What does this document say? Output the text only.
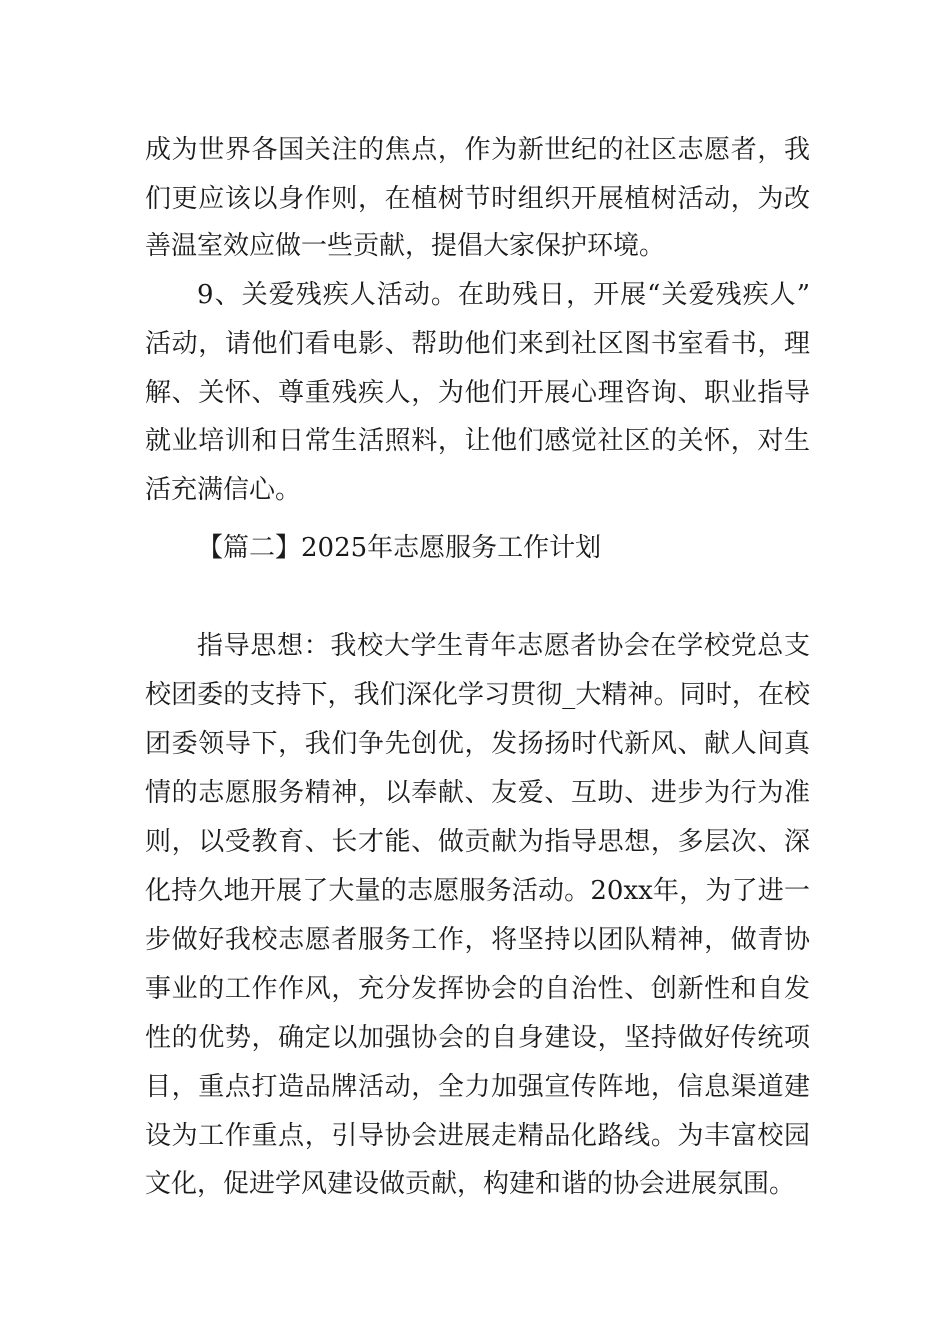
成为世界各国关注的焦点，作为新世纪的社区志愿者，我
们更应该以身作则，在植树节时组织开展植树活动，为改
善温室效应做一些贡献，提倡大家保护环境。
9、关爱残疾人活动。在助残日，开展“关爱残疾人”
活动，请他们看电影、帮助他们来到社区图书室看书，理
解、关怀、尊重残疾人，为他们开展心理咨询、职业指导
就业培训和日常生活照料，让他们感觉社区的关怀，对生
活充满信心。
【篇二】2025年志愿服务工作计划
指导思想：我校大学生青年志愿者协会在学校党总支
校团委的支持下，我们深化学习贯彻_大精神。同时，在校
团委领导下，我们争先创优，发扬扬时代新风、献人间真
情的志愿服务精神，以奉献、友爱、互助、进步为行为准
则，以受教育、长才能、做贡献为指导思想，多层次、深
化持久地开展了大量的志愿服务活动。20xx年，为了进一
步做好我校志愿者服务工作，将坚持以团队精神，做青协
事业的工作作风，充分发挥协会的自治性、创新性和自发
性的优势，确定以加强协会的自身建设，坚持做好传统项
目，重点打造品牌活动，全力加强宣传阵地，信息渠道建
设为工作重点，引导协会进展走精品化路线。为丰富校园
文化，促进学风建设做贡献，构建和谐的协会进展氛围。
